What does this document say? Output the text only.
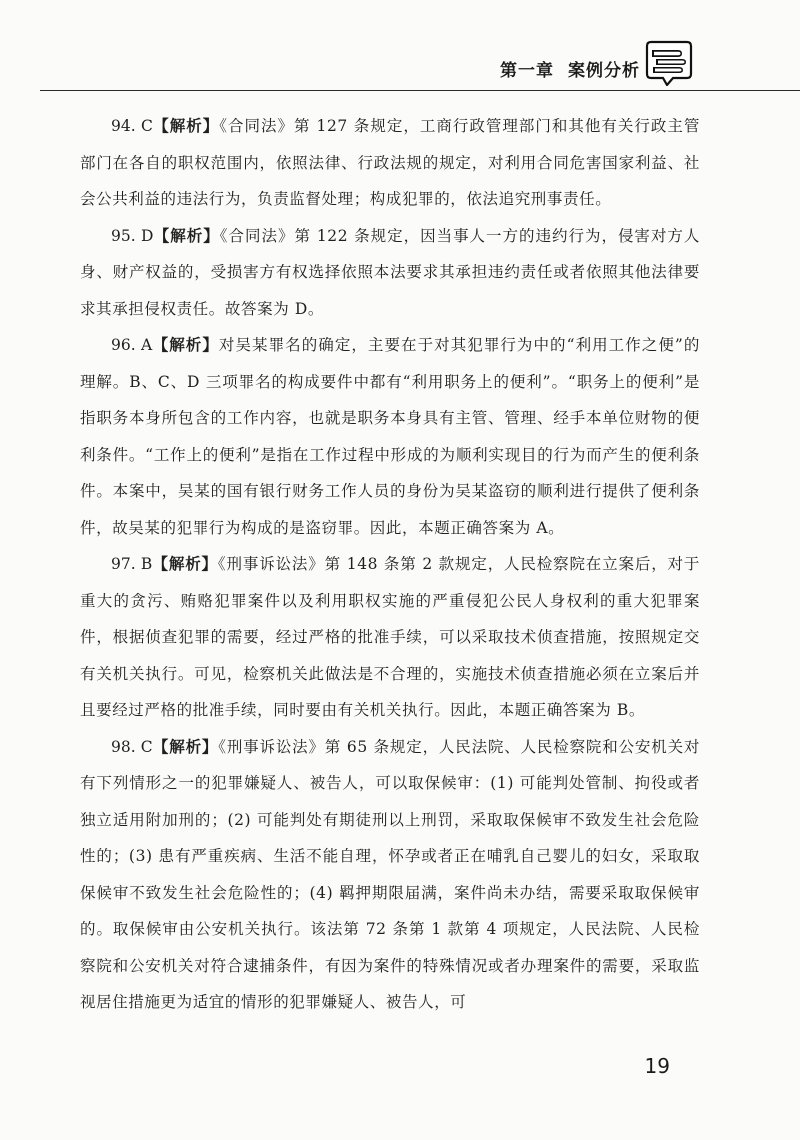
第一章 案例分析

94. C【解析】《合同法》第 127 条规定，工商行政管理部门和其他有关行政主管部门在各自的职权范围内，依照法律、行政法规的规定，对利用合同危害国家利益、社会公共利益的违法行为，负责监督处理；构成犯罪的，依法追究刑事责任。

95. D【解析】《合同法》第 122 条规定，因当事人一方的违约行为，侵害对方人身、财产权益的，受损害方有权选择依照本法要求其承担违约责任或者依照其他法律要求其承担侵权责任。故答案为 D。

96. A【解析】对吴某罪名的确定，主要在于对其犯罪行为中的“利用工作之便”的理解。B、C、D 三项罪名的构成要件中都有“利用职务上的便利”。“职务上的便利”是指职务本身所包含的工作内容，也就是职务本身具有主管、管理、经手本单位财物的便利条件。“工作上的便利”是指在工作过程中形成的为顺利实现目的行为而产生的便利条件。本案中，吴某的国有银行财务工作人员的身份为吴某盗窃的顺利进行提供了便利条件，故吴某的犯罪行为构成的是盗窃罪。因此，本题正确答案为 A。

97. B【解析】《刑事诉讼法》第 148 条第 2 款规定，人民检察院在立案后，对于重大的贪污、贿赂犯罪案件以及利用职权实施的严重侵犯公民人身权利的重大犯罪案件，根据侦查犯罪的需要，经过严格的批准手续，可以采取技术侦查措施，按照规定交有关机关执行。可见，检察机关此做法是不合理的，实施技术侦查措施必须在立案后并且要经过严格的批准手续，同时要由有关机关执行。因此，本题正确答案为 B。

98. C【解析】《刑事诉讼法》第 65 条规定，人民法院、人民检察院和公安机关对有下列情形之一的犯罪嫌疑人、被告人，可以取保候审：(1) 可能判处管制、拘役或者独立适用附加刑的；(2) 可能判处有期徒刑以上刑罚，采取取保候审不致发生社会危险性的；(3) 患有严重疾病、生活不能自理，怀孕或者正在哺乳自己婴儿的妇女，采取取保候审不致发生社会危险性的；(4) 羁押期限届满，案件尚未办结，需要采取取保候审的。取保候审由公安机关执行。该法第 72 条第 1 款第 4 项规定，人民法院、人民检察院和公安机关对符合逮捕条件，有因为案件的特殊情况或者办理案件的需要，采取监视居住措施更为适宜的情形的犯罪嫌疑人、被告人，可

19
